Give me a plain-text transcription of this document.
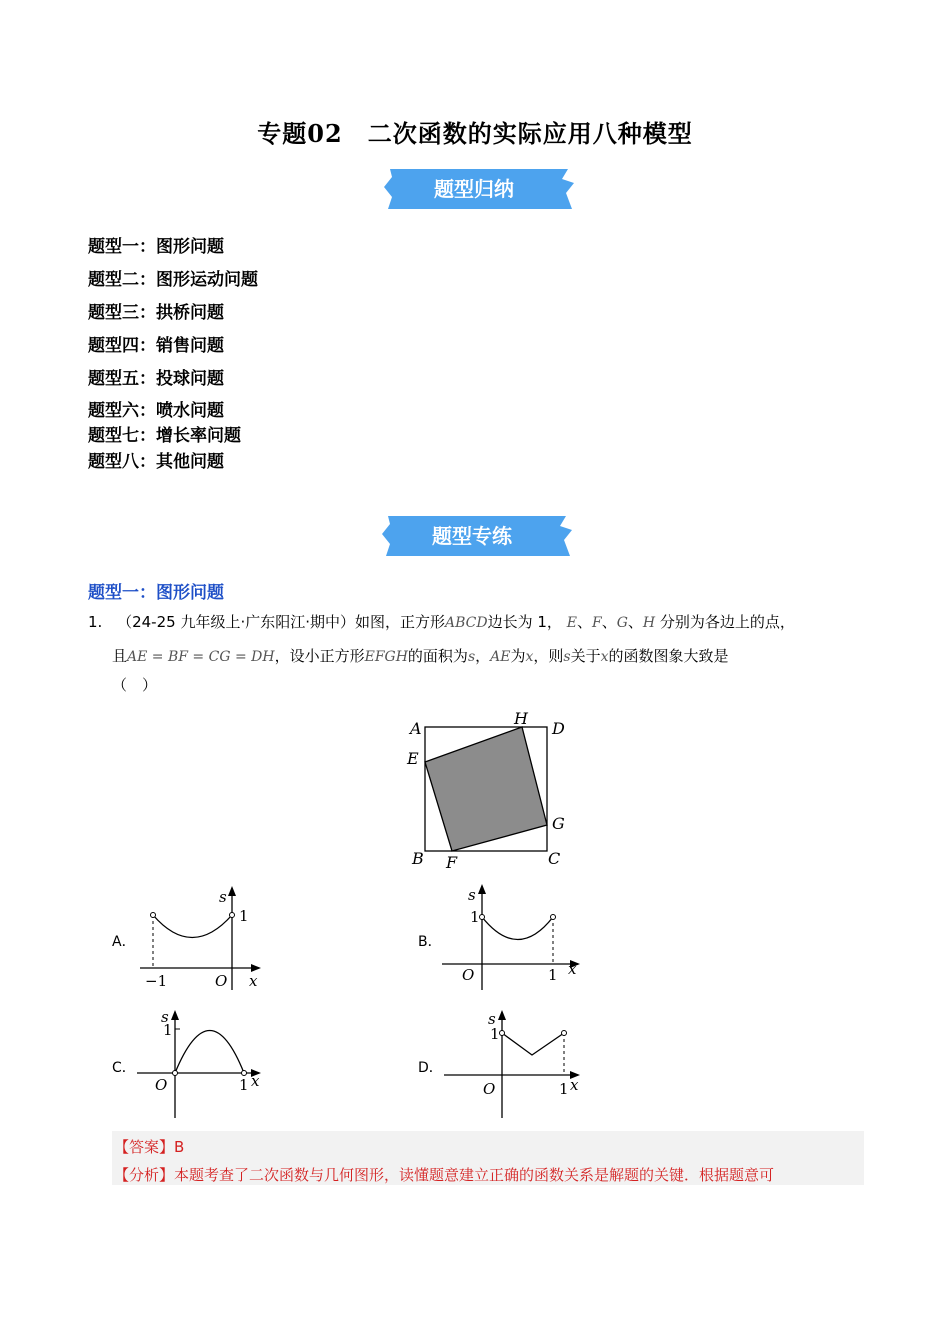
专题02　二次函数的实际应用八种模型
题型归纳
题型一：图形问题
题型二：图形运动问题
题型三：拱桥问题
题型四：销售问题
题型五：投球问题
题型六：喷水问题
题型七：增长率问题
题型八：其他问题
题型专练
题型一：图形问题
1. （24-25 九年级上·广东阳江·期中）如图，正方形ABCD边长为 1， E、F、G、H 分别为各边上的点，
且AE = BF = CG = DH，设小正方形EFGH的面积为s，AE为x，则s关于x的函数图象大致是
（　）
A
H
D
E
G
B F	C
A．
s
1
−1	O x
B．
s
1
O	1 x
C．
s
1
O	1 x
D．
s
1
O	1 x
【答案】B
【分析】本题考查了二次函数与几何图形，读懂题意建立正确的函数关系是解题的关键．根据题意可
